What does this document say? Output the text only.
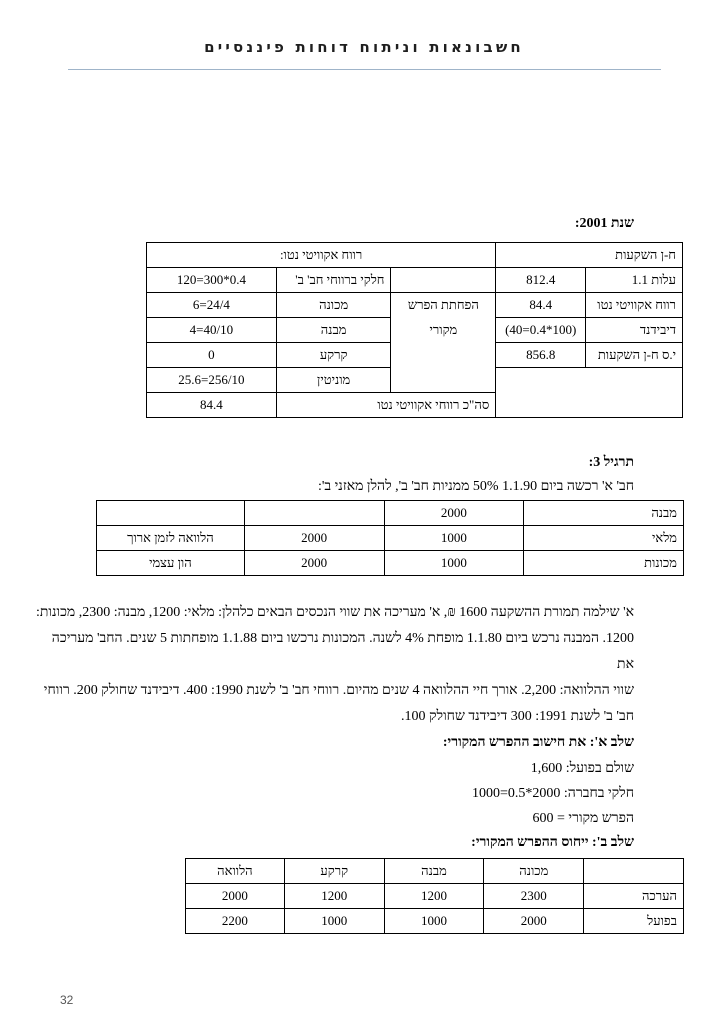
חשבונאות וניתוח דוחות פיננסיים
שנת 2001:
ח-ן השקעות		רווח אקוויטי נטו:		
עלות 1.1	812.4		חלקי ברווחי חב' ב'	0.4*300=120
רווח אקוויטי נטו	84.4	הפחתת הפרש	מכונה	24/4=6
דיבידנד	(100*0.4=40)	מקורי	מבנה	40/10=4
י.ס ח-ן השקעות	856.8		קרקע	0
			מוניטין	256/10=25.6
		סה"כ רווחי אקוויטי נטו		84.4
תרגיל 3:
חב' א' רכשה ביום 1.1.90 50% ממניות חב' ב', להלן מאזני ב':
מבנה	2000		
מלאי	1000	2000	הלוואה לזמן ארוך
מכונות	1000	2000	הון עצמי
א' שילמה תמורת ההשקעה 1600 ₪, א' מעריכה את שווי הנכסים הבאים כלהלן: מלאי: 1200, מבנה: 2300, מכונות:
1200. המבנה נרכש ביום 1.1.80 מופחת 4% לשנה. המכונות נרכשו ביום 1.1.88 מופחתות 5 שנים. החב' מעריכה את
שווי ההלוואה: 2,200. אורך חיי ההלוואה 4 שנים מהיום. רווחי חב' ב' לשנת 1990: 400. דיבידנד שחולק 200. רווחי
חב' ב' לשנת 1991: 300 דיבידנד שחולק 100.
שלב א': את חישוב ההפרש המקורי:
שולם בפועל: 1,600
חלקי בחברה: 2000*0.5=1000
הפרש מקורי = 600
שלב ב': ייחוס ההפרש המקורי:
	מכונה	מבנה	קרקע	הלוואה
הערכה	2300	1200	1200	2000
בפועל	2000	1000	1000	2200
32
